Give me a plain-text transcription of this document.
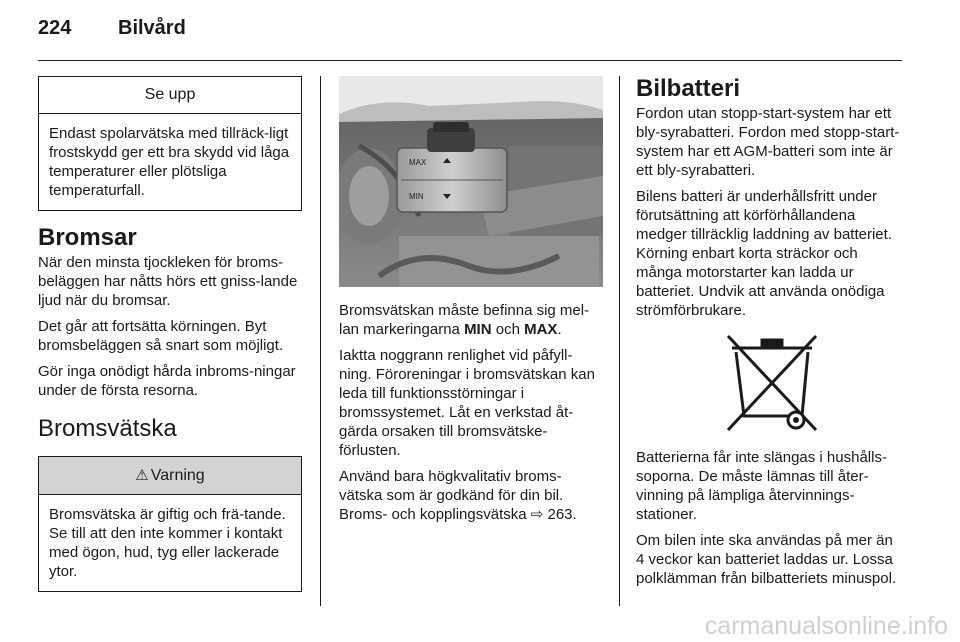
224 Bilvård
Se upp
Endast spolarvätska med tillräck-ligt frostskydd ger ett bra skydd vid låga temperaturer eller plötsliga temperaturfall.
Bromsar

När den minsta tjockleken för broms-beläggen har nåtts hörs ett gniss-lande ljud när du bromsar.

Det går att fortsätta körningen. Byt bromsbeläggen så snart som möjligt.

Gör inga onödigt hårda inbroms-ningar under de första resorna.

Bromsvätska
⚠ Varning
Bromsvätska är giftig och frä-tande. Se till att den inte kommer i kontakt med ögon, hud, tyg eller lackerade ytor.
MAX
MIN

Bromsvätskan måste befinna sig mel-lan markeringarna MIN och MAX.

Iaktta noggrann renlighet vid påfyll-ning. Föroreningar i bromsvätskan kan leda till funktionsstörningar i bromssystemet. Låt en verkstad åt-gärda orsaken till bromsvätske-förlusten.

Använd bara högkvalitativ broms-vätska som är godkänd för din bil. Broms- och kopplingsvätska ⇨ 263.

Bilbatteri

Fordon utan stopp-start-system har ett bly-syrabatteri. Fordon med stopp-start-system har ett AGM-batteri som inte är ett bly-syrabatteri.

Bilens batteri är underhållsfritt under förutsättning att körförhållandena medger tillräcklig laddning av batteriet. Körning enbart korta sträckor och många motorstarter kan ladda ur batteriet. Undvik att använda onödiga strömförbrukare.

Batterierna får inte slängas i hushålls-soporna. De måste lämnas till åter-vinning på lämpliga återvinnings-stationer.

Om bilen inte ska användas på mer än 4 veckor kan batteriet laddas ur. Lossa polklämman från bilbatteriets minuspol.

carmanualsonline.info
